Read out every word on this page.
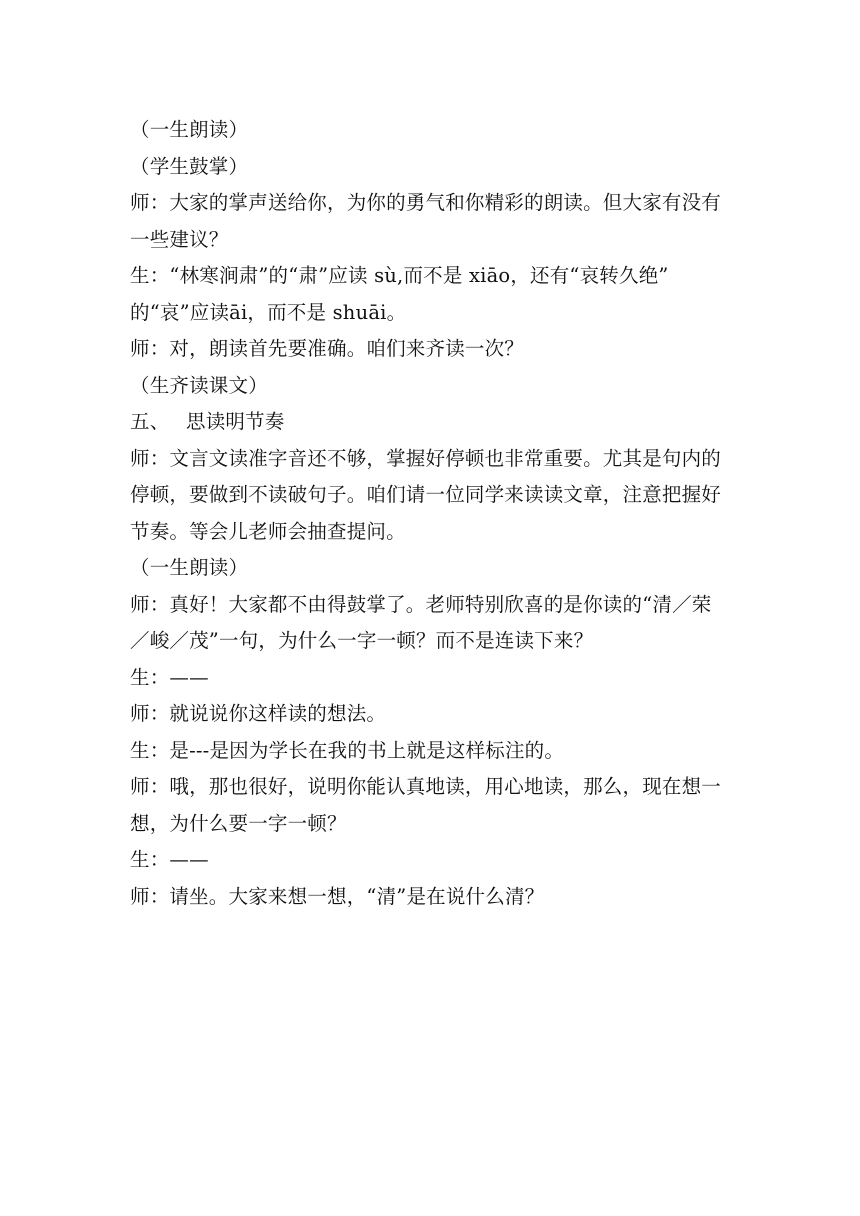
（一生朗读）
（学生鼓掌）
师：大家的掌声送给你，为你的勇气和你精彩的朗读。但大家有没有
一些建议？
生：“林寒涧肃”的“肃”应读 sù,而不是 xiāo，还有“哀转久绝”
的“哀”应读āi，而不是 shuāi。
师：对，朗读首先要准确。咱们来齐读一次？
（生齐读课文）
五、 思读明节奏
师：文言文读准字音还不够，掌握好停顿也非常重要。尤其是句内的
停顿，要做到不读破句子。咱们请一位同学来读读文章，注意把握好
节奏。等会儿老师会抽查提问。
（一生朗读）
师：真好！大家都不由得鼓掌了。老师特别欣喜的是你读的“清／荣
／峻／茂”一句，为什么一字一顿？而不是连读下来？
生：——
师：就说说你这样读的想法。
生：是---是因为学长在我的书上就是这样标注的。
师：哦，那也很好，说明你能认真地读，用心地读，那么，现在想一
想，为什么要一字一顿？
生：——
师：请坐。大家来想一想，“清”是在说什么清？
